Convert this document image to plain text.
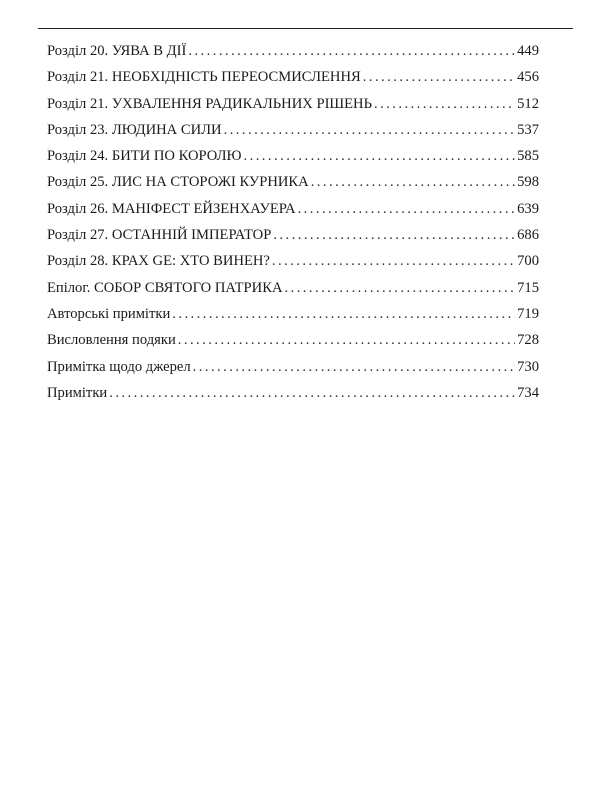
Розділ 20. УЯВА В ДІЇ . . .	449
Розділ 21. НЕОБХІДНІСТЬ ПЕРЕОСМИСЛЕННЯ . . .	456
Розділ 21. УХВАЛЕННЯ РАДИКАЛЬНИХ РІШЕНЬ . . .	512
Розділ 23. ЛЮДИНА СИЛИ . . .	537
Розділ 24. БИТИ ПО КОРОЛЮ . . .	585
Розділ 25. ЛИС НА СТОРОЖІ КУРНИКА . . .	598
Розділ 26. МАНІФЕСТ ЕЙЗЕНХАУЕРА . . .	639
Розділ 27. ОСТАННІЙ ІМПЕРАТОР . . .	686
Розділ 28. КРАХ GE: ХТО ВИНЕН? . . .	700
Епілог. СОБОР СВЯТОГО ПАТРИКА . . .	715
Авторські примітки . . .	719
Висловлення подяки . . .	728
Примітка щодо джерел . . .	730
Примітки . . .	734
